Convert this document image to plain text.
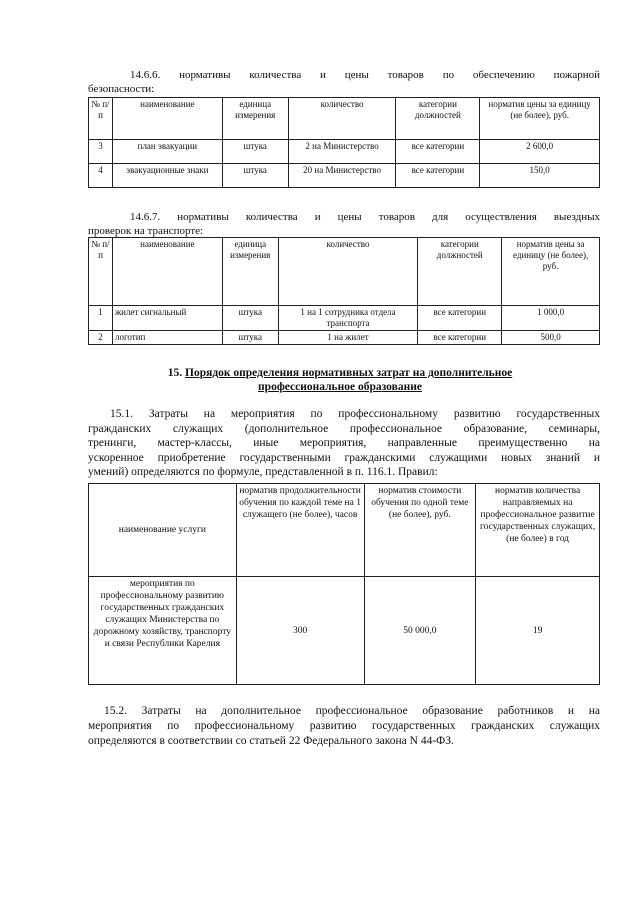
14.6.6. нормативы количества и цены товаров по обеспечению пожарной
безопасности:
№ п/п	наименование	единица измерения	количество	категории должностей	норматив цены за единицу (не более), руб.
3	план эвакуации	штука	2 на Министерство	все категории	2 600,0
4	эвакуационные знаки	штука	20 на Министерство	все категории	150,0
14.6.7. нормативы количества и цены товаров для осуществления выездных
проверок на транспорте:
№ п/п	наименование	единица измерения	количество	категории должностей	норматив цены за единицу (не более), руб.
1	жилет сигнальный	штука	1 на 1 сотрудника отдела транспорта	все категории	1 000,0
2	логотип	штука	1 на жилет	все категории	500,0
15. Порядок определения нормативных затрат на дополнительное
профессиональное образование
15.1. Затраты на мероприятия по профессиональному развитию государственных
гражданских служащих (дополнительное профессиональное образование, семинары,
тренинги, мастер-классы, иные мероприятия, направленные преимущественно на
ускоренное приобретение государственными гражданскими служащими новых знаний и
умений) определяются по формуле, представленной в п. 116.1. Правил:
наименование услуги	норматив продолжительности обучения по каждой теме на 1 служащего (не более), часов	норматив стоимости обучения по одной теме (не более), руб.	норматив количества направляемых на профессиональное развитие государственных служащих, (не более) в год
мероприятия по профессиональному развитию государственных гражданских служащих Министерства по дорожному хозяйству, транспорту и связи Республики Карелия	300	50 000,0	19
15.2. Затраты на дополнительное профессиональное образование работников и на
мероприятия по профессиональному развитию государственных гражданских служащих
определяются в соответствии со статьей 22 Федерального закона N 44-ФЗ.
